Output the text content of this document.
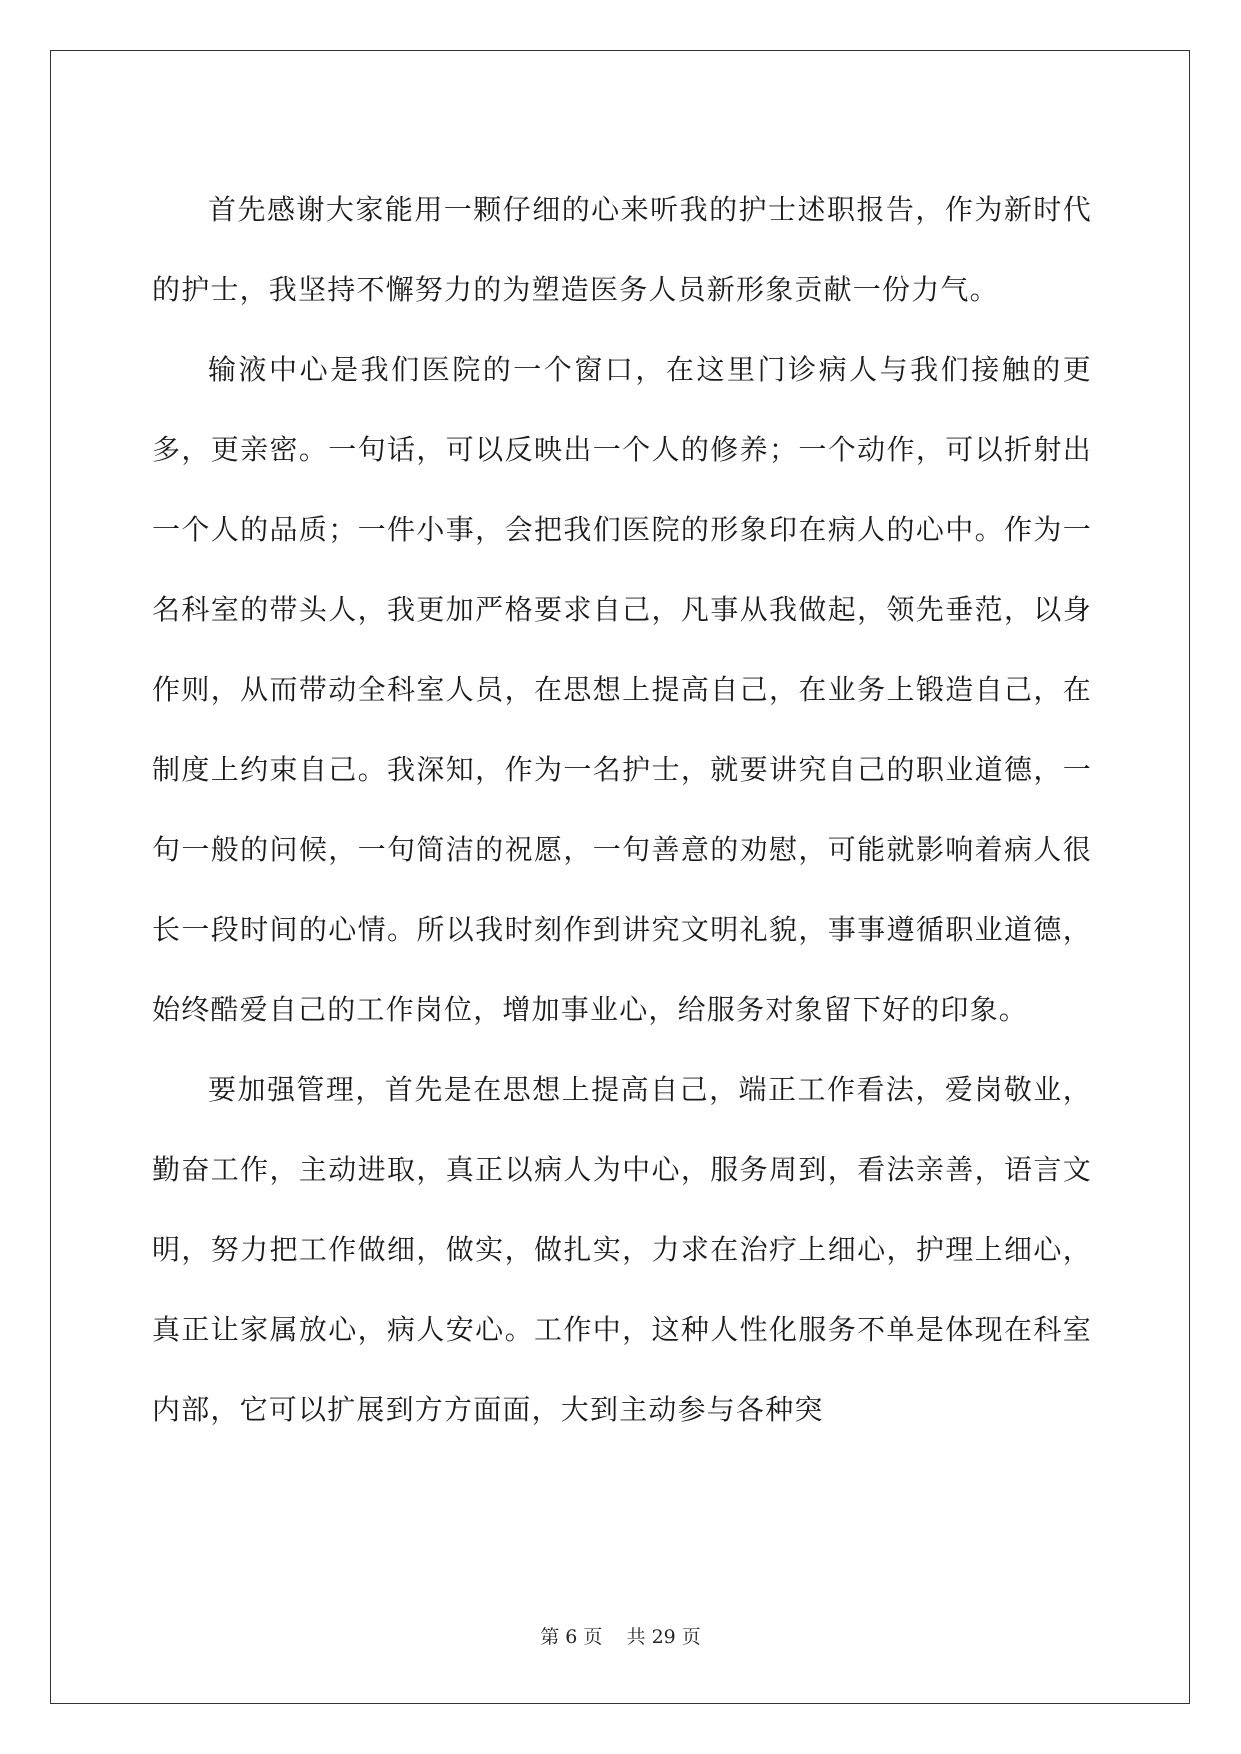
首先感谢大家能用一颗仔细的心来听我的护士述职报告，作为新时代的护士，我坚持不懈努力的为塑造医务人员新形象贡献一份力气。

输液中心是我们医院的一个窗口，在这里门诊病人与我们接触的更多，更亲密。一句话，可以反映出一个人的修养；一个动作，可以折射出一个人的品质；一件小事，会把我们医院的形象印在病人的心中。作为一名科室的带头人，我更加严格要求自己，凡事从我做起，领先垂范，以身作则，从而带动全科室人员，在思想上提高自己，在业务上锻造自己，在制度上约束自己。我深知，作为一名护士，就要讲究自己的职业道德，一句一般的问候，一句简洁的祝愿，一句善意的劝慰，可能就影响着病人很长一段时间的心情。所以我时刻作到讲究文明礼貌，事事遵循职业道德，始终酷爱自己的工作岗位，增加事业心，给服务对象留下好的印象。

要加强管理，首先是在思想上提高自己，端正工作看法，爱岗敬业，勤奋工作，主动进取，真正以病人为中心，服务周到，看法亲善，语言文明，努力把工作做细，做实，做扎实，力求在治疗上细心，护理上细心，真正让家属放心，病人安心。工作中，这种人性化服务不单是体现在科室内部，它可以扩展到方方面面，大到主动参与各种突

第 6 页    共 29 页
